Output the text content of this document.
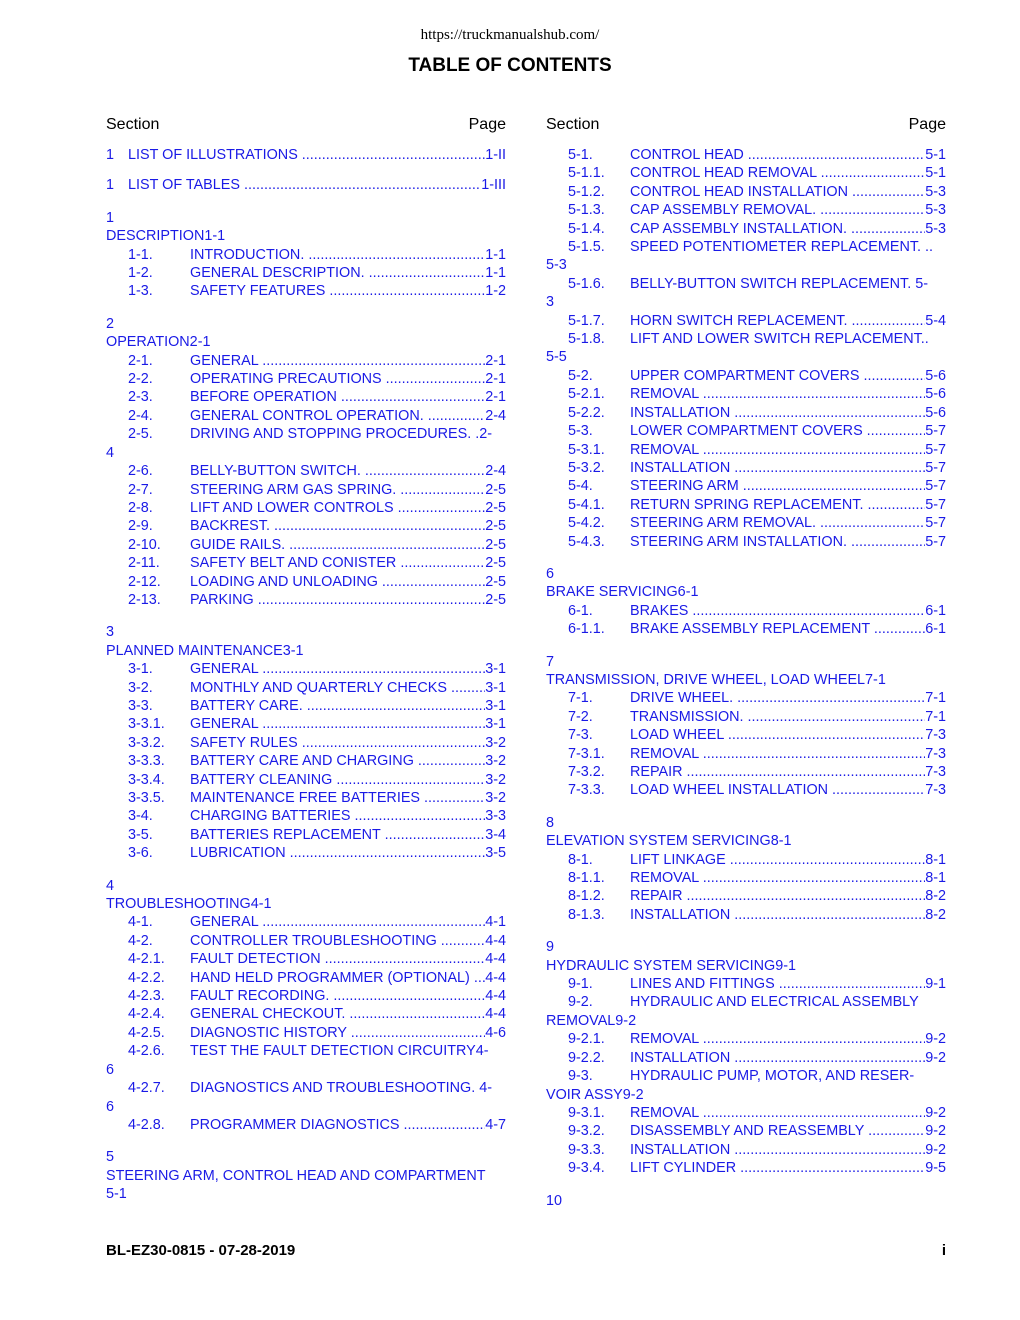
https://truckmanualshub.com/
TABLE OF CONTENTS
Section	Page
1 LIST OF ILLUSTRATIONS .....	1-II
1 LIST OF TABLES .....	1-III
1
DESCRIPTION1-1
1-1.	INTRODUCTION. .....	1-1
1-2.	GENERAL DESCRIPTION. .....	1-1
1-3.	SAFETY FEATURES .....	1-2
2
OPERATION2-1
2-1.	GENERAL .....	2-1
2-2.	OPERATING PRECAUTIONS .....	2-1
2-3.	BEFORE OPERATION .....	2-1
2-4.	GENERAL CONTROL OPERATION. .....	2-4
2-5.	DRIVING AND STOPPING PROCEDURES. .2-
4
2-6.	BELLY-BUTTON SWITCH. .....	2-4
2-7.	STEERING ARM GAS SPRING. .....	2-5
2-8.	LIFT AND LOWER CONTROLS .....	2-5
2-9.	BACKREST. .....	2-5
2-10.	GUIDE RAILS. .....	2-5
2-11.	SAFETY BELT AND CONISTER .....	2-5
2-12.	LOADING AND UNLOADING .....	2-5
2-13.	PARKING .....	2-5
3
PLANNED MAINTENANCE3-1
3-1.	GENERAL .....	3-1
3-2.	MONTHLY AND QUARTERLY CHECKS .....	3-1
3-3.	BATTERY CARE. .....	3-1
3-3.1.	GENERAL .....	3-1
3-3.2.	SAFETY RULES .....	3-2
3-3.3.	BATTERY CARE AND CHARGING .....	3-2
3-3.4.	BATTERY CLEANING .....	3-2
3-3.5.	MAINTENANCE FREE BATTERIES .....	3-2
3-4.	CHARGING BATTERIES .....	3-3
3-5.	BATTERIES REPLACEMENT .....	3-4
3-6.	LUBRICATION .....	3-5
4
TROUBLESHOOTING4-1
4-1.	GENERAL .....	4-1
4-2.	CONTROLLER TROUBLESHOOTING .....	4-4
4-2.1.	FAULT DETECTION .....	4-4
4-2.2.	HAND HELD PROGRAMMER (OPTIONAL) .....	4-4
4-2.3.	FAULT RECORDING. .....	4-4
4-2.4.	GENERAL CHECKOUT. .....	4-4
4-2.5.	DIAGNOSTIC HISTORY .....	4-6
4-2.6.	TEST THE FAULT DETECTION CIRCUITRY4-
6
4-2.7.	DIAGNOSTICS AND TROUBLESHOOTING. 4-
6
4-2.8.	PROGRAMMER DIAGNOSTICS .....	4-7
5
STEERING ARM, CONTROL HEAD AND COMPARTMENT
5-1
Section	Page
5-1.	CONTROL HEAD .....	5-1
5-1.1.	CONTROL HEAD REMOVAL .....	5-1
5-1.2.	CONTROL HEAD INSTALLATION .....	5-3
5-1.3.	CAP ASSEMBLY REMOVAL. .....	5-3
5-1.4.	CAP ASSEMBLY INSTALLATION. .....	5-3
5-1.5.	SPEED POTENTIOMETER REPLACEMENT. ..
5-3
5-1.6.	BELLY-BUTTON SWITCH REPLACEMENT. 5-
3
5-1.7.	HORN SWITCH REPLACEMENT. .....	5-4
5-1.8.	LIFT AND LOWER SWITCH REPLACEMENT..
5-5
5-2.	UPPER COMPARTMENT COVERS .....	5-6
5-2.1.	REMOVAL .....	5-6
5-2.2.	INSTALLATION .....	5-6
5-3.	LOWER COMPARTMENT COVERS .....	5-7
5-3.1.	REMOVAL .....	5-7
5-3.2.	INSTALLATION .....	5-7
5-4.	STEERING ARM .....	5-7
5-4.1.	RETURN SPRING REPLACEMENT. .....	5-7
5-4.2.	STEERING ARM REMOVAL. .....	5-7
5-4.3.	STEERING ARM INSTALLATION. .....	5-7
6
BRAKE SERVICING6-1
6-1.	BRAKES .....	6-1
6-1.1.	BRAKE ASSEMBLY REPLACEMENT .....	6-1
7
TRANSMISSION, DRIVE WHEEL, LOAD WHEEL7-1
7-1.	DRIVE WHEEL. .....	7-1
7-2.	TRANSMISSION. .....	7-1
7-3.	LOAD WHEEL .....	7-3
7-3.1.	REMOVAL .....	7-3
7-3.2.	REPAIR .....	7-3
7-3.3.	LOAD WHEEL INSTALLATION .....	7-3
8
ELEVATION SYSTEM SERVICING8-1
8-1.	LIFT LINKAGE .....	8-1
8-1.1.	REMOVAL .....	8-1
8-1.2.	REPAIR .....	8-2
8-1.3.	INSTALLATION .....	8-2
9
HYDRAULIC SYSTEM SERVICING9-1
9-1.	LINES AND FITTINGS .....	9-1
9-2.	HYDRAULIC AND ELECTRICAL ASSEMBLY
REMOVAL9-2
9-2.1.	REMOVAL .....	9-2
9-2.2.	INSTALLATION .....	9-2
9-3.	HYDRAULIC PUMP, MOTOR, AND RESER-
VOIR ASSY9-2
9-3.1.	REMOVAL .....	9-2
9-3.2.	DISASSEMBLY AND REASSEMBLY .....	9-2
9-3.3.	INSTALLATION .....	9-2
9-3.4.	LIFT CYLINDER .....	9-5
10
BL-EZ30-0815 - 07-28-2019	i
